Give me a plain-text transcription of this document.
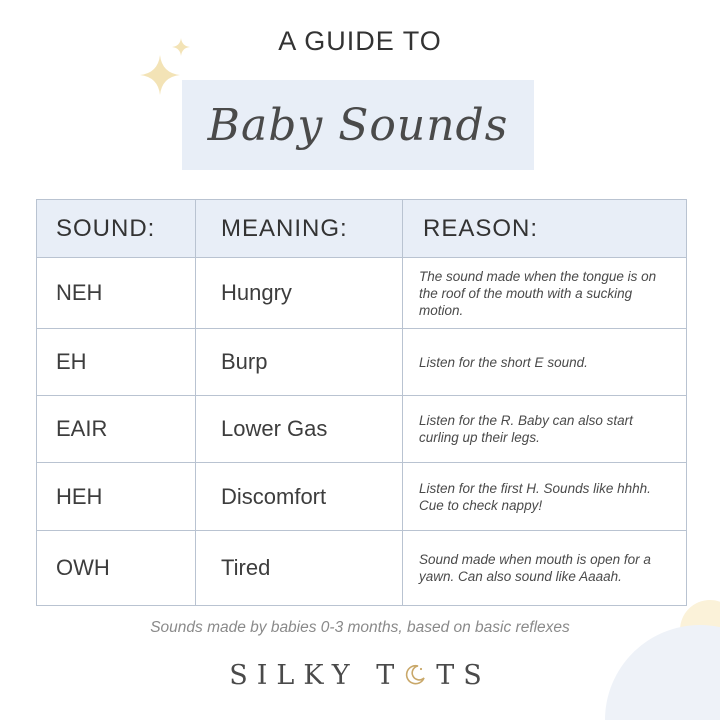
A GUIDE TO
Baby Sounds
SOUND:	MEANING:	REASON:

NEH	Hungry	The sound made when the tongue is on the roof of the mouth with a sucking motion.

EH	Burp	Listen for the short E sound.

EAIR	Lower Gas	Listen for the R. Baby can also start curling up their legs.

HEH	Discomfort	Listen for the first H. Sounds like hhhh. Cue to check nappy!

OWH	Tired	Sound made when mouth is open for a yawn. Can also sound like Aaaah.
Sounds made by babies 0-3 months, based on basic reflexes
SILKY T TS
